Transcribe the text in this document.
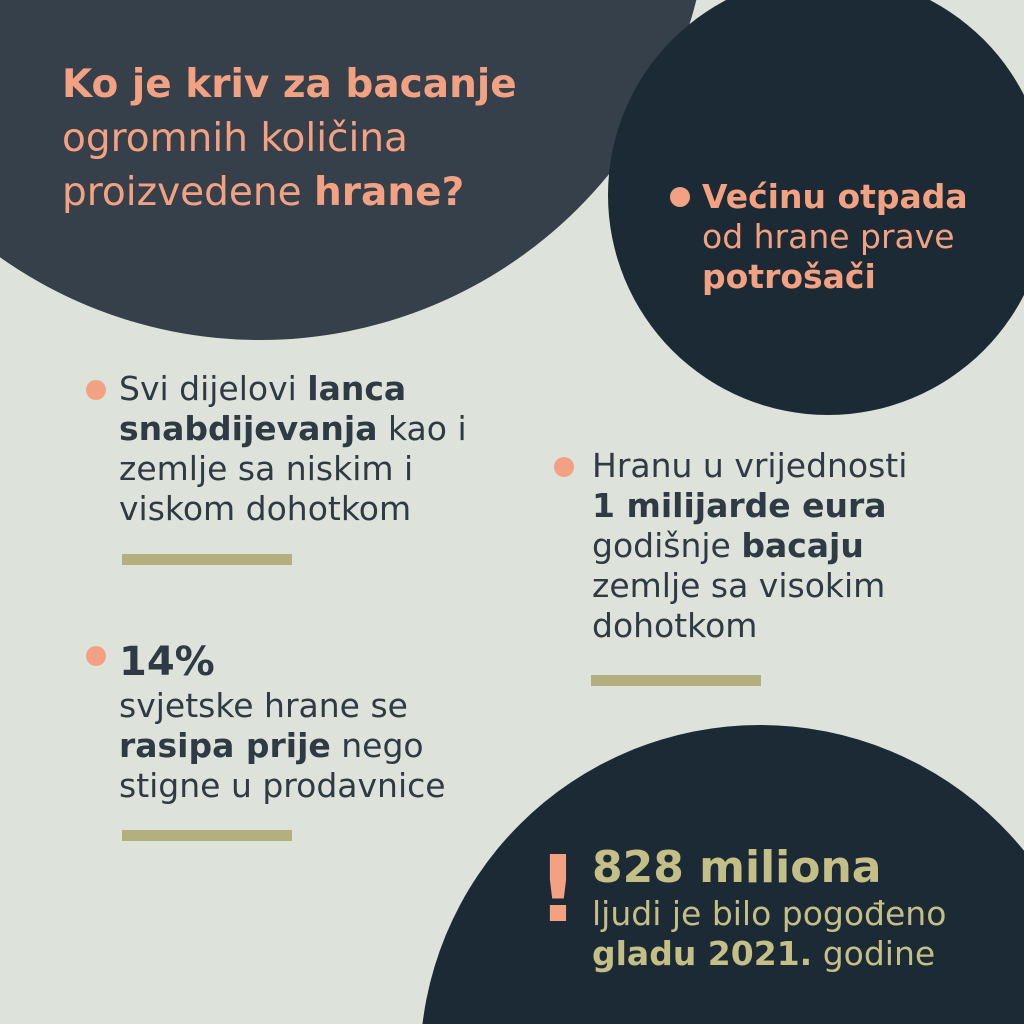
Ko je kriv za bacanje
ogromnih količina
proizvedene hrane?	Većinu otpada
od hrane prave
potrošači
Svi dijelovi lanca
snabdijevanja kao i
zemlje sa niskim i
viskom dohotkom
Hranu u vrijednosti
1 milijarde eura
godišnje bacaju
zemlje sa visokim
dohotkom
14%
svjetske hrane se
rasipa prije nego
stigne u prodavnice
! 828 miliona
ljudi je bilo pogođeno
gladu 2021. godine
